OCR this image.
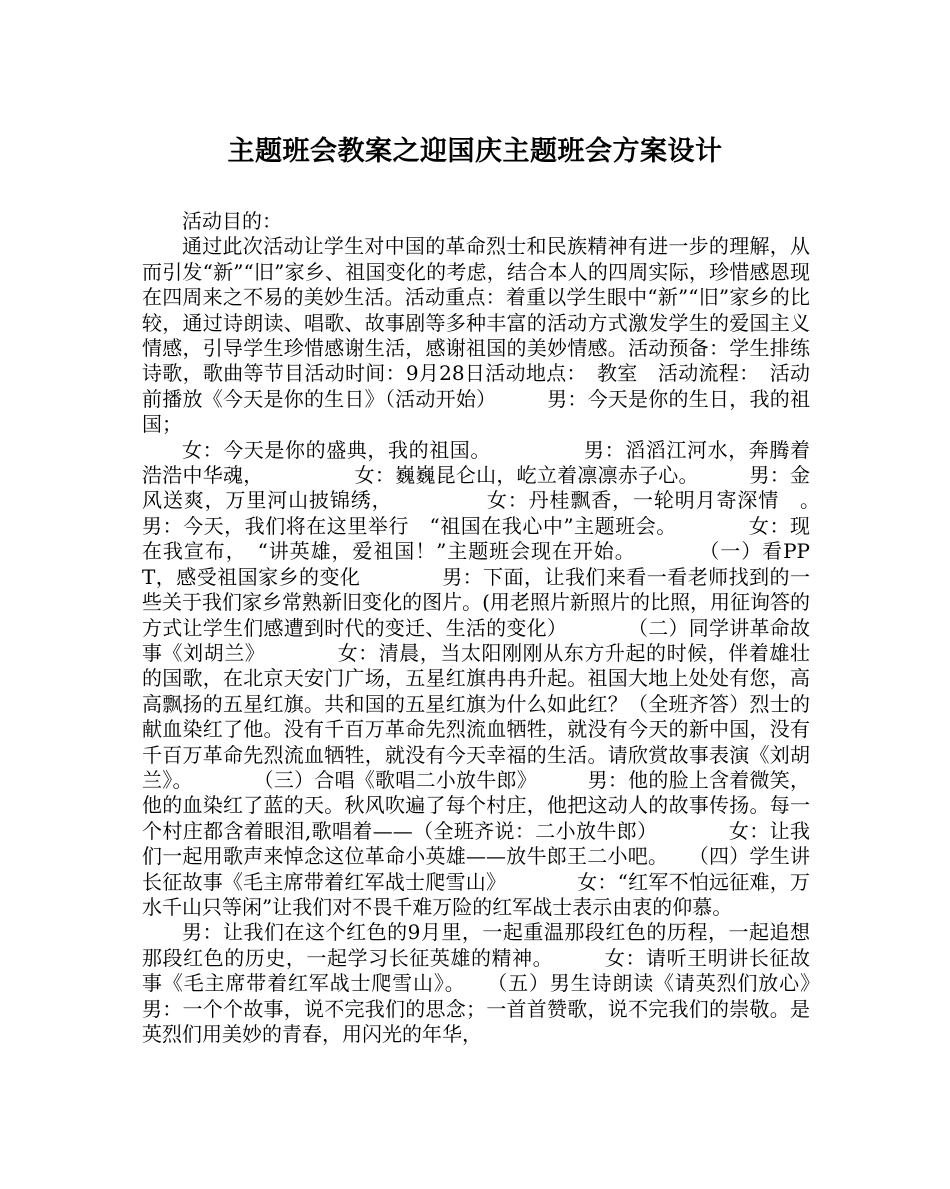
主题班会教案之迎国庆主题班会方案设计

活动目的：

通过此次活动让学生对中国的革命烈士和民族精神有进一步的理解，从而引发“新”“旧”家乡、祖国变化的考虑，结合本人的四周实际，珍惜感恩现在四周来之不易的美妙生活。活动重点：着重以学生眼中“新”“旧”家乡的比较，通过诗朗读、唱歌、故事剧等多种丰富的活动方式激发学生的爱国主义情感，引导学生珍惜感谢生活，感谢祖国的美妙情感。活动预备：学生排练诗歌，歌曲等节目活动时间：9月28日活动地点：　教室　活动流程：　活动前播放《今天是你的生日》（活动开始）　　　男：今天是你的生日，我的祖国；

女：今天是你的盛典，我的祖国。　　　　　男：滔滔江河水，奔腾着浩浩中华魂，　　　　　女：巍巍昆仑山，屹立着凛凛赤子心。　　　男：金风送爽，万里河山披锦绣，　　　　　女：丹桂飘香，一轮明月寄深情　。　　　　男：今天，我们将在这里举行　“祖国在我心中”主题班会。　　　　女：现在我宣布，　“讲英雄，爱祖国！”主题班会现在开始。　　　　（一）看PPT，感受祖国家乡的变化　　　　男：下面，让我们来看一看老师找到的一些关于我们家乡常熟新旧变化的图片。(用老照片新照片的比照，用征询答的方式让学生们感遭到时代的变迁、生活的变化）　　　　（二）同学讲革命故事《刘胡兰》　　　　女：清晨，当太阳刚刚从东方升起的时候，伴着雄壮的国歌，在北京天安门广场，五星红旗冉冉升起。祖国大地上处处有您，高高飘扬的五星红旗。共和国的五星红旗为什么如此红？（全班齐答）烈士的献血染红了他。没有千百万革命先烈流血牺牲，就没有今天的新中国，没有千百万革命先烈流血牺牲，就没有今天幸福的生活。请欣赏故事表演《刘胡兰》。　　　　（三）合唱《歌唱二小放牛郎》　　　男：他的脸上含着微笑，他的血染红了蓝的天。秋风吹遍了每个村庄，他把这动人的故事传扬。每一个村庄都含着眼泪,歌唱着——（全班齐说：二小放牛郎）　　　　女：让我们一起用歌声来悼念这位革命小英雄——放牛郎王二小吧。　　（四）学生讲长征故事《毛主席带着红军战士爬雪山》　　　　女：“红军不怕远征难，万水千山只等闲”让我们对不畏千难万险的红军战士表示由衷的仰慕。

男：让我们在这个红色的9月里，一起重温那段红色的历程，一起追想那段红色的历史，一起学习长征英雄的精神。　　　女：请听王明讲长征故事《毛主席带着红军战士爬雪山》。　　（五）男生诗朗读《请英烈们放心》　　　男：一个个故事，说不完我们的思念；一首首赞歌，说不完我们的崇敬。是英烈们用美妙的青春，用闪光的年华，
